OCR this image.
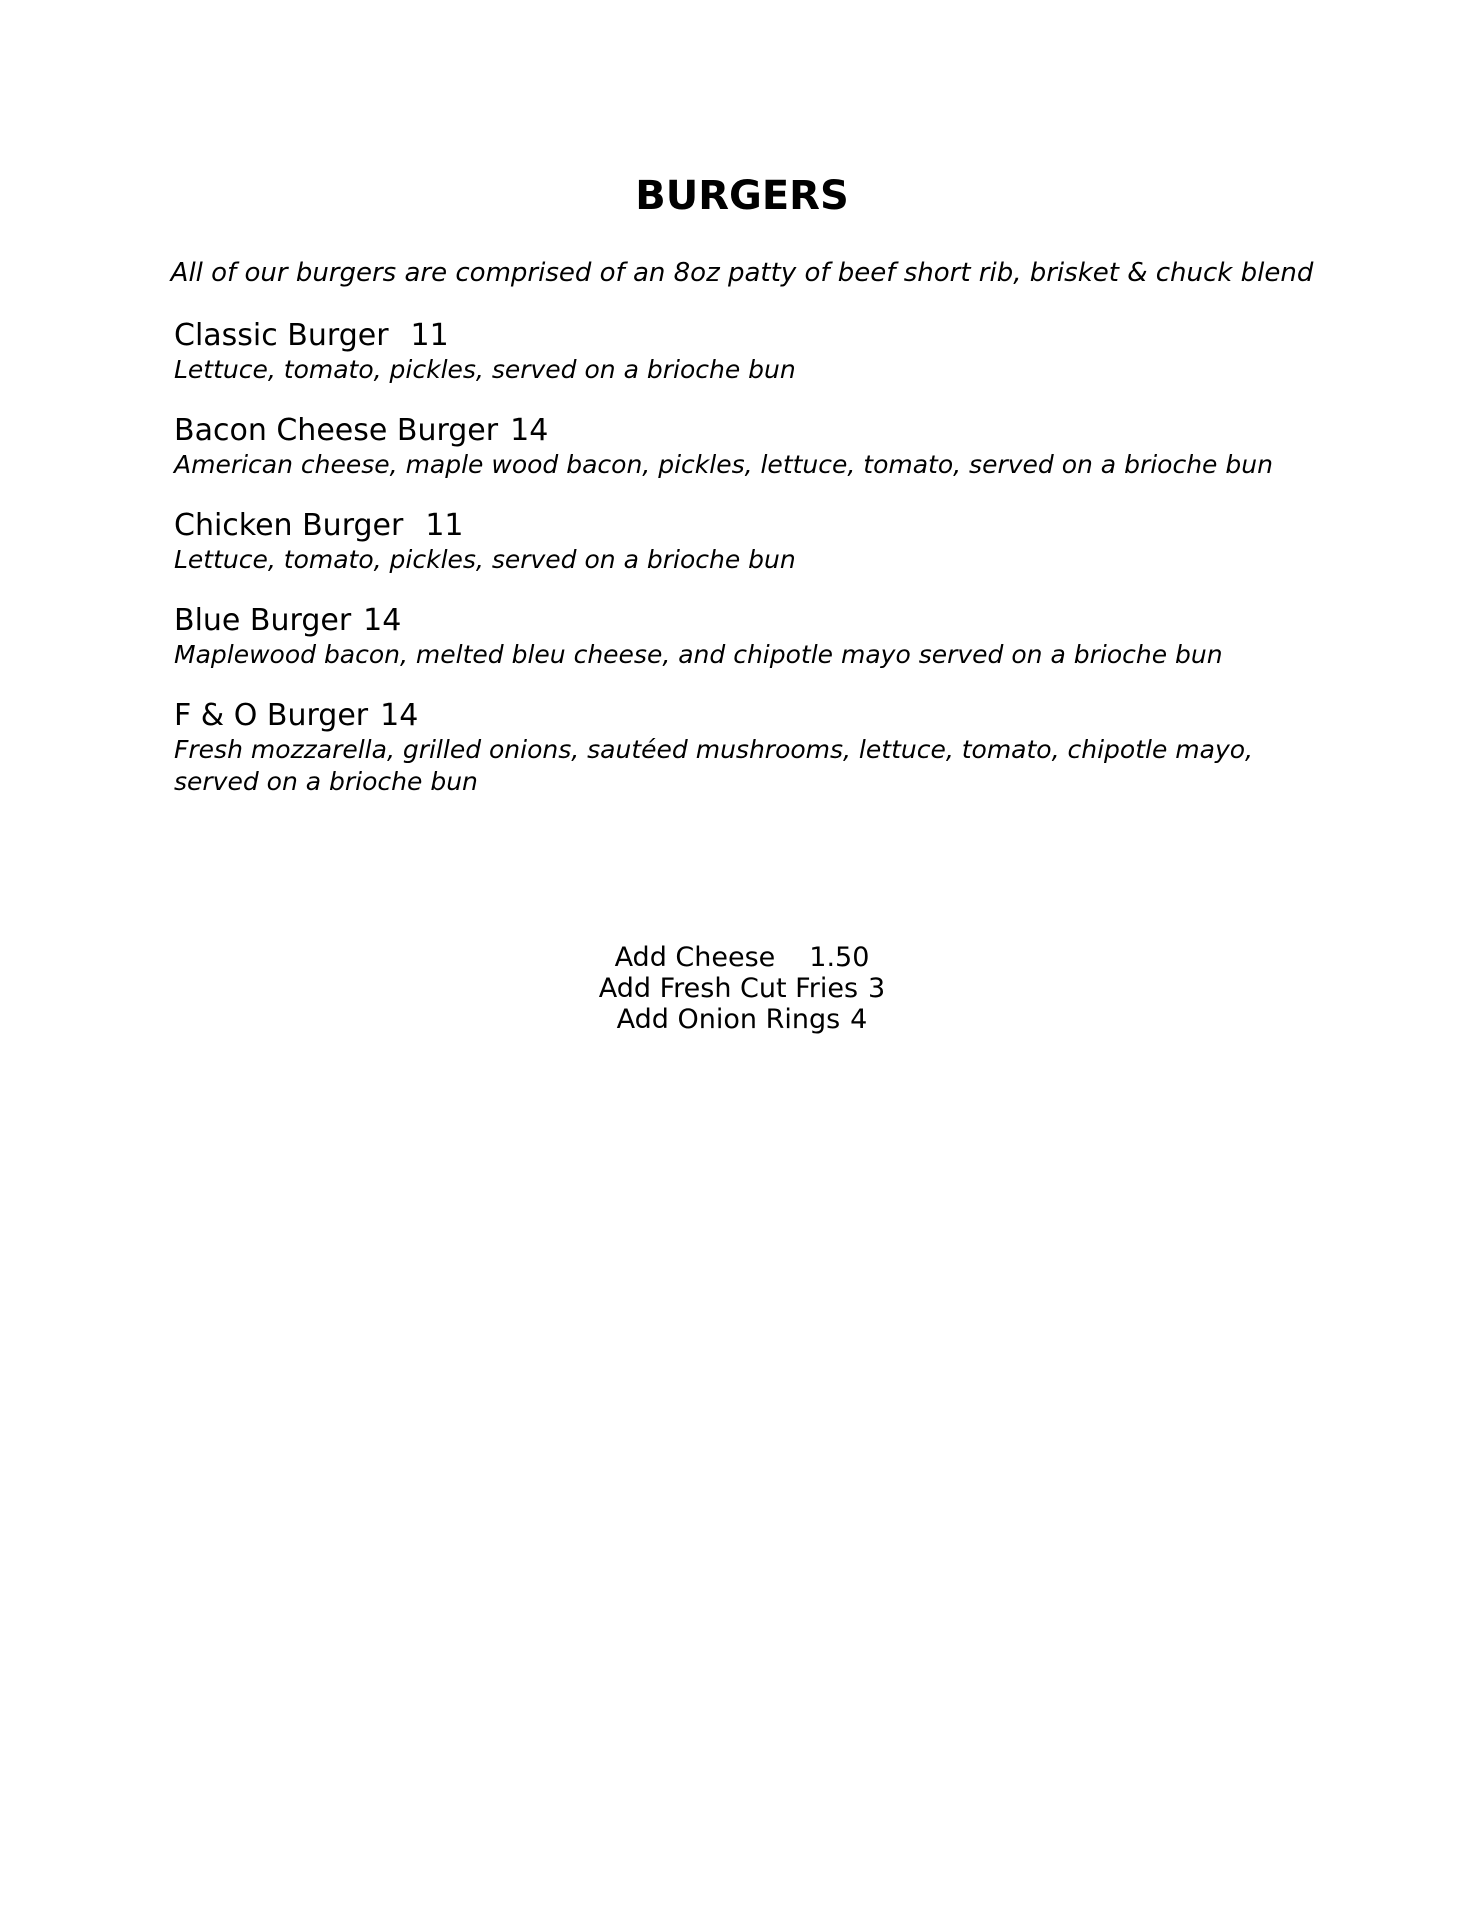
BURGERS
All of our burgers are comprised of an 8oz patty of beef short rib, brisket & chuck blend
Classic Burger 11
Lettuce, tomato, pickles, served on a brioche bun
Bacon Cheese Burger 14
American cheese, maple wood bacon, pickles, lettuce, tomato, served on a brioche bun
Chicken Burger 11
Lettuce, tomato, pickles, served on a brioche bun
Blue Burger 14
Maplewood bacon, melted bleu cheese, and chipotle mayo served on a brioche bun
F & O Burger 14
Fresh mozzarella, grilled onions, sautéed mushrooms, lettuce, tomato, chipotle mayo, served on a brioche bun
Add Cheese 1.50
Add Fresh Cut Fries 3
Add Onion Rings 4
